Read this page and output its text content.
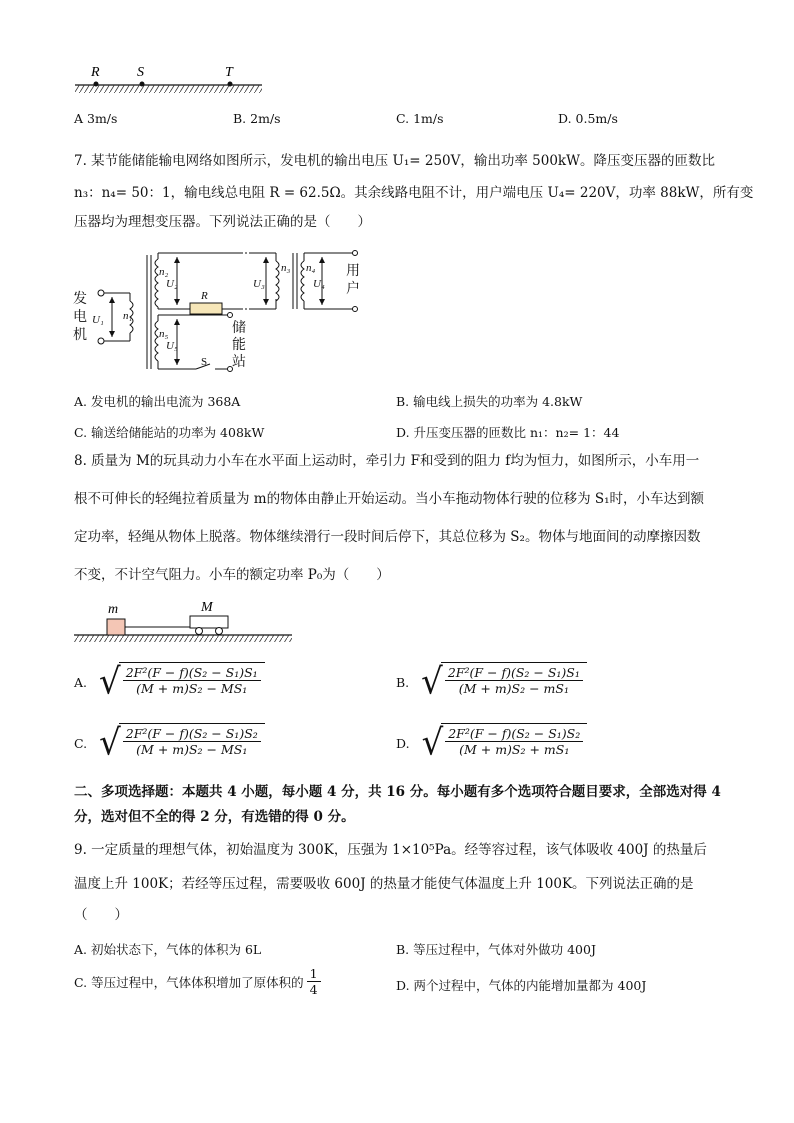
R	S	T
A 3m/s	B. 2m/s	C. 1m/s	D. 0.5m/s
7. 某节能储能输电网络如图所示，发电机的输出电压 U₁= 250V，输出功率 500kW。降压变压器的匝数比
n₃：n₄= 50：1，输电线总电阻 R = 62.5Ω。其余线路电阻不计，用户端电压 U₄= 220V，功率 88kW，所有变
压器均为理想变压器。下列说法正确的是（　　）
发
电
机	储
能
站
用
户
U₁ n₁
n₂
U₂
n₅
U₅
R
S
n₃
U₃
n₄
U₄
A. 发电机的输出电流为 368A	B. 输电线上损失的功率为 4.8kW
C. 输送给储能站的功率为 408kW	D. 升压变压器的匝数比 n₁：n₂= 1：44
8. 质量为 M的玩具动力小车在水平面上运动时，牵引力 F和受到的阻力 f均为恒力，如图所示，小车用一
根不可伸长的轻绳拉着质量为 m的物体由静止开始运动。当小车拖动物体行驶的位移为 S₁时，小车达到额
定功率，轻绳从物体上脱落。物体继续滑行一段时间后停下，其总位移为 S₂。物体与地面间的动摩擦因数
不变，不计空气阻力。小车的额定功率 P₀为（　　）
m	M
A. √ $\frac{\text{2F²(F − f)(S₂ − S₁)S₁}}{\text{(M + m)S₂ − MS₁}}$	B. √ $\frac{\text{2F²(F − f)(S₂ − S₁)S₁}}{\text{(M + m)S₂ − mS₁}}$
C. √ $\frac{\text{2F²(F − f)(S₂ − S₁)S₂}}{\text{(M + m)S₂ − MS₁}}$	D. √ $\frac{\text{2F²(F − f)(S₂ − S₁)S₂}}{\text{(M + m)S₂ + mS₁}}$
二、多项选择题：本题共 4 小题，每小题 4 分，共 16 分。每小题有多个选项符合题目要求，全部选对得 4
分，选对但不全的得 2 分，有选错的得 0 分。
9. 一定质量的理想气体，初始温度为 300K，压强为 1×10⁵Pa。经等容过程，该气体吸收 400J 的热量后
温度上升 100K；若经等压过程，需要吸收 600J 的热量才能使气体温度上升 100K。下列说法正确的是
（　　）
A. 初始状态下，气体的体积为 6L	B. 等压过程中，气体对外做功 400J
C. 等压过程中，气体体积增加了原体积的 $\frac{1}{4}$	D. 两个过程中，气体的内能增加量都为 400J
